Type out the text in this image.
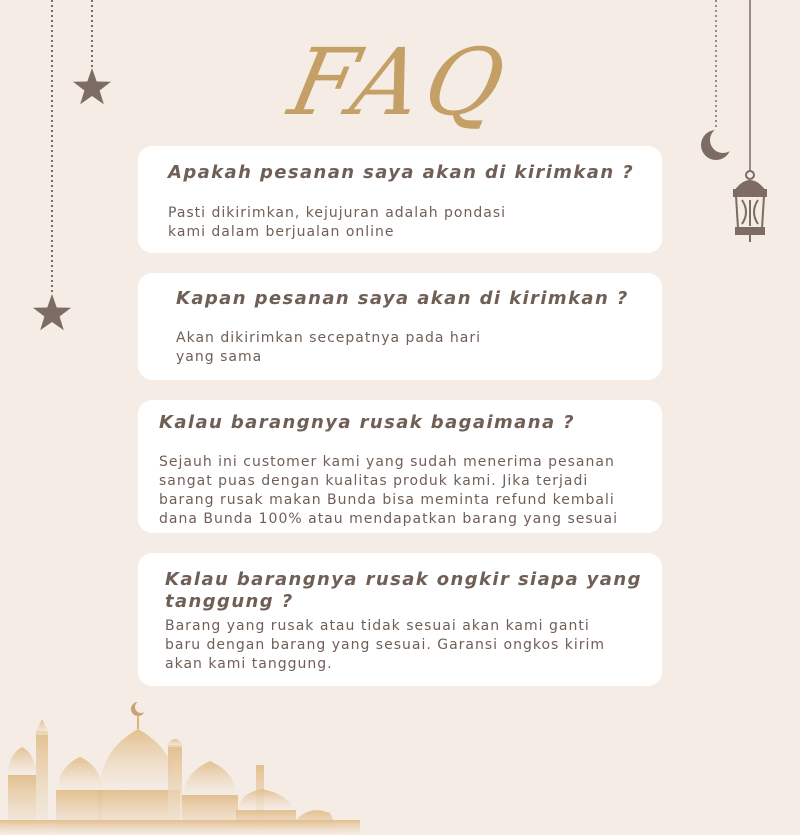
FAQ
Apakah pesanan saya akan di kirimkan ?
Pasti dikirimkan, kejujuran adalah pondasi
kami dalam berjualan online
Kapan pesanan saya akan di kirimkan ?
Akan dikirimkan secepatnya pada hari
yang sama
Kalau barangnya rusak bagaimana ?
Sejauh ini customer kami yang sudah menerima pesanan
sangat puas dengan kualitas produk kami. Jika terjadi
barang rusak makan Bunda bisa meminta refund kembali
dana Bunda 100% atau mendapatkan barang yang sesuai
Kalau barangnya rusak ongkir siapa yang
tanggung ?
Barang yang rusak atau tidak sesuai akan kami ganti
baru dengan barang yang sesuai. Garansi ongkos kirim
akan kami tanggung.
